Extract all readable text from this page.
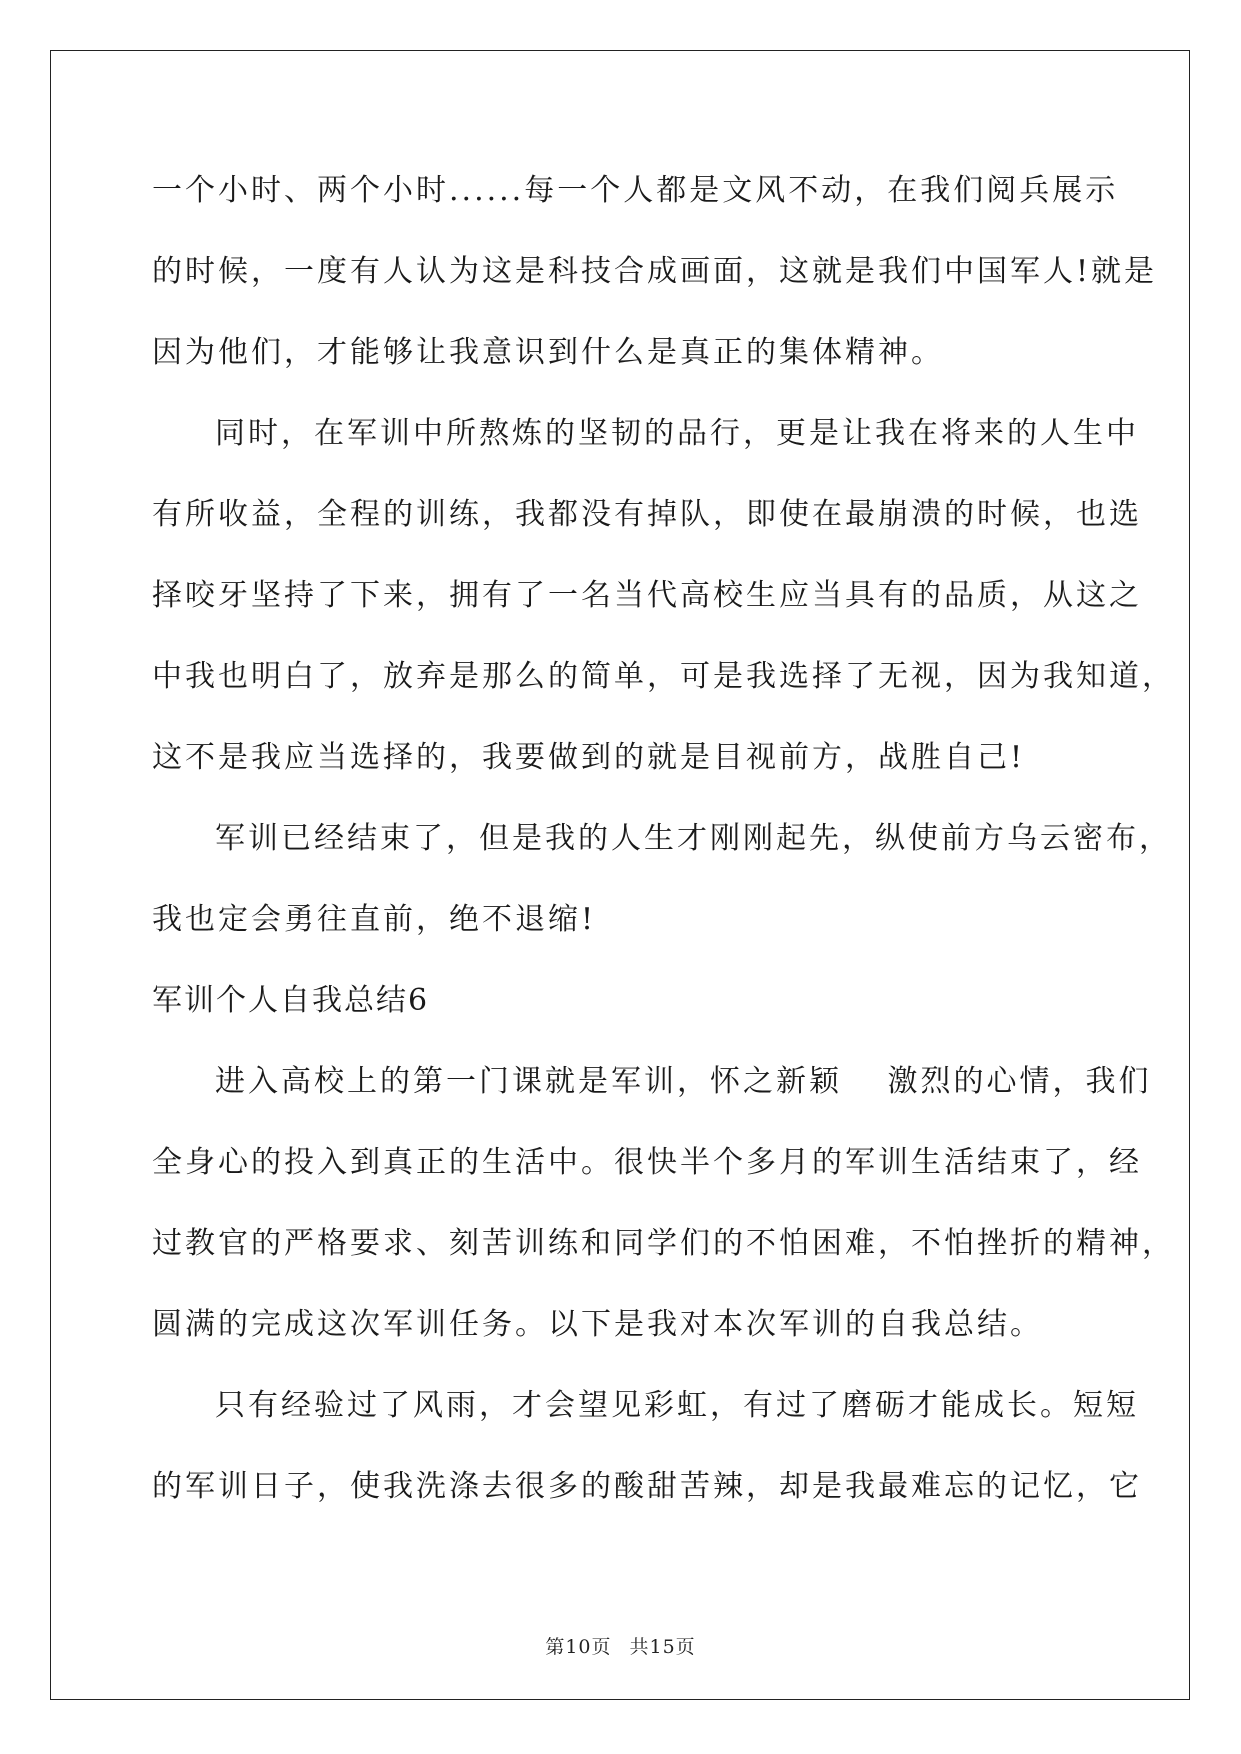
一个小时、两个小时......每一个人都是文风不动，在我们阅兵展示
的时候，一度有人认为这是科技合成画面，这就是我们中国军人!就是
因为他们，才能够让我意识到什么是真正的集体精神。
同时，在军训中所熬炼的坚韧的品行，更是让我在将来的人生中
有所收益，全程的训练，我都没有掉队，即使在最崩溃的时候，也选
择咬牙坚持了下来，拥有了一名当代高校生应当具有的品质，从这之
中我也明白了，放弃是那么的简单，可是我选择了无视，因为我知道，
这不是我应当选择的，我要做到的就是目视前方，战胜自己!
军训已经结束了，但是我的人生才刚刚起先，纵使前方乌云密布，
我也定会勇往直前，绝不退缩!
军训个人自我总结6
进入高校上的第一门课就是军训，怀之新颖　 激烈的心情，我们
全身心的投入到真正的生活中。很快半个多月的军训生活结束了，经
过教官的严格要求、刻苦训练和同学们的不怕困难，不怕挫折的精神，
圆满的完成这次军训任务。以下是我对本次军训的自我总结。
只有经验过了风雨，才会望见彩虹，有过了磨砺才能成长。短短
的军训日子，使我洗涤去很多的酸甜苦辣，却是我最难忘的记忆，它
第10页 共15页
